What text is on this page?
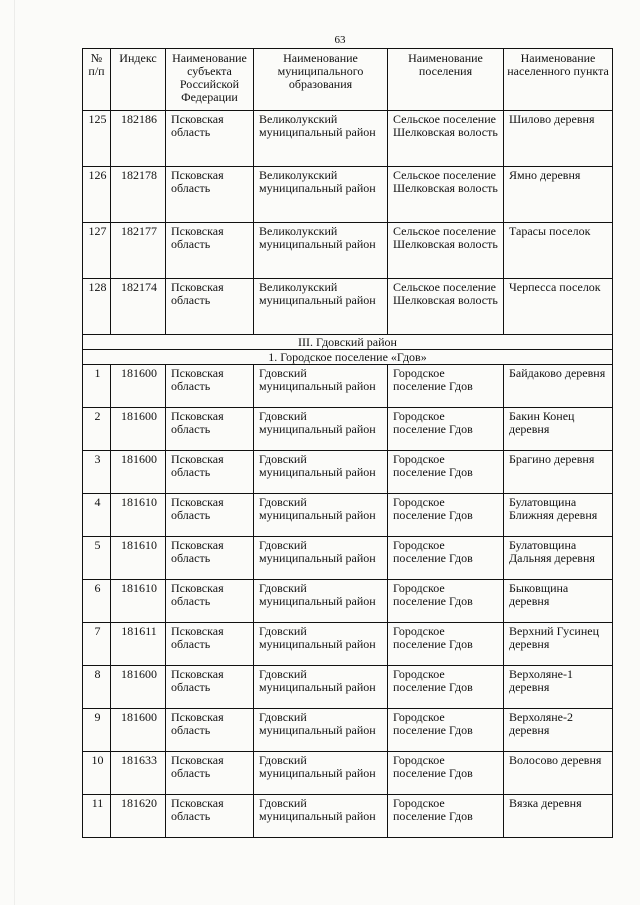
63
№ п/п	Индекс	Наименование субъекта Российской Федерации	Наименование муниципального образования	Наименование поселения	Наименование населенного пункта
125	182186	Псковская область	Великолукский муниципальный район	Сельское поселение Шелковская волость	Шилово деревня
126	182178	Псковская область	Великолукский муниципальный район	Сельское поселение Шелковская волость	Ямно деревня
127	182177	Псковская область	Великолукский муниципальный район	Сельское поселение Шелковская волость	Тарасы поселок
128	182174	Псковская область	Великолукский муниципальный район	Сельское поселение Шелковская волость	Черпесса поселок
III. Гдовский район					
1. Городское поселение «Гдов»					
1	181600	Псковская область	Гдовский муниципальный район	Городское поселение Гдов	Байдаково деревня
2	181600	Псковская область	Гдовский муниципальный район	Городское поселение Гдов	Бакин Конец деревня
3	181600	Псковская область	Гдовский муниципальный район	Городское поселение Гдов	Брагино деревня
4	181610	Псковская область	Гдовский муниципальный район	Городское поселение Гдов	Булатовщина Ближняя деревня
5	181610	Псковская область	Гдовский муниципальный район	Городское поселение Гдов	Булатовщина Дальняя деревня
6	181610	Псковская область	Гдовский муниципальный район	Городское поселение Гдов	Быковщина деревня
7	181611	Псковская область	Гдовский муниципальный район	Городское поселение Гдов	Верхний Гусинец деревня
8	181600	Псковская область	Гдовский муниципальный район	Городское поселение Гдов	Верхоляне-1 деревня
9	181600	Псковская область	Гдовский муниципальный район	Городское поселение Гдов	Верхоляне-2 деревня
10	181633	Псковская область	Гдовский муниципальный район	Городское поселение Гдов	Волосово деревня
11	181620	Псковская область	Гдовский муниципальный район	Городское поселение Гдов	Вязка деревня
